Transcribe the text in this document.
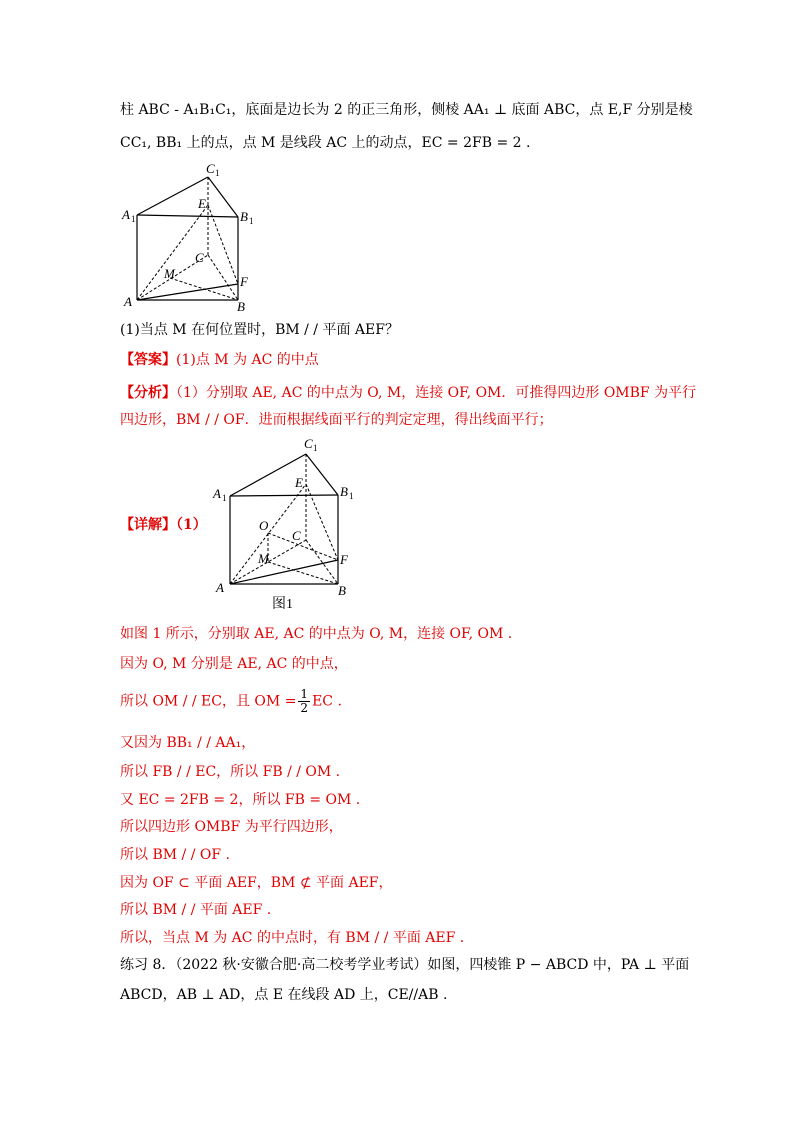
柱 ABC - A₁B₁C₁，底面是边长为 2 的正三角形，侧棱 AA₁ ⊥ 底面 ABC，点 E,F 分别是棱
CC₁, BB₁ 上的点，点 M 是线段 AC 上的动点，EC = 2FB = 2 .
C 1
A 1	B 1
E
C
M
F
A	B
(1)当点 M 在何位置时，BM / / 平面 AEF？
【答案】(1)点 M 为 AC 的中点
【分析】（1）分别取 AE, AC 的中点为 O, M，连接 OF, OM．可推得四边形 OMBF 为平行
四边形，BM / / OF．进而根据线面平行的判定定理，得出线面平行；
【详解】（1）
C 1
A 1	B 1
E
O
C
M	F
A	B
图1
如图 1 所示，分别取 AE, AC 的中点为 O, M，连接 OF, OM .
因为 O, M 分别是 AE, AC 的中点，
所以 OM / / EC，且 OM = $\frac{1}{2}$ EC .
又因为 BB₁ / / AA₁，
所以 FB / / EC，所以 FB / / OM .
又 EC = 2FB = 2，所以 FB = OM .
所以四边形 OMBF 为平行四边形，
所以 BM / / OF .
因为 OF ⊂ 平面 AEF，BM ⊄ 平面 AEF，
所以 BM / / 平面 AEF .
所以，当点 M 为 AC 的中点时，有 BM / / 平面 AEF .
练习 8．（2022 秋·安徽合肥·高二校考学业考试）如图，四棱锥 P − ABCD 中，PA ⊥ 平面
ABCD，AB ⊥ AD，点 E 在线段 AD 上，CE//AB .
